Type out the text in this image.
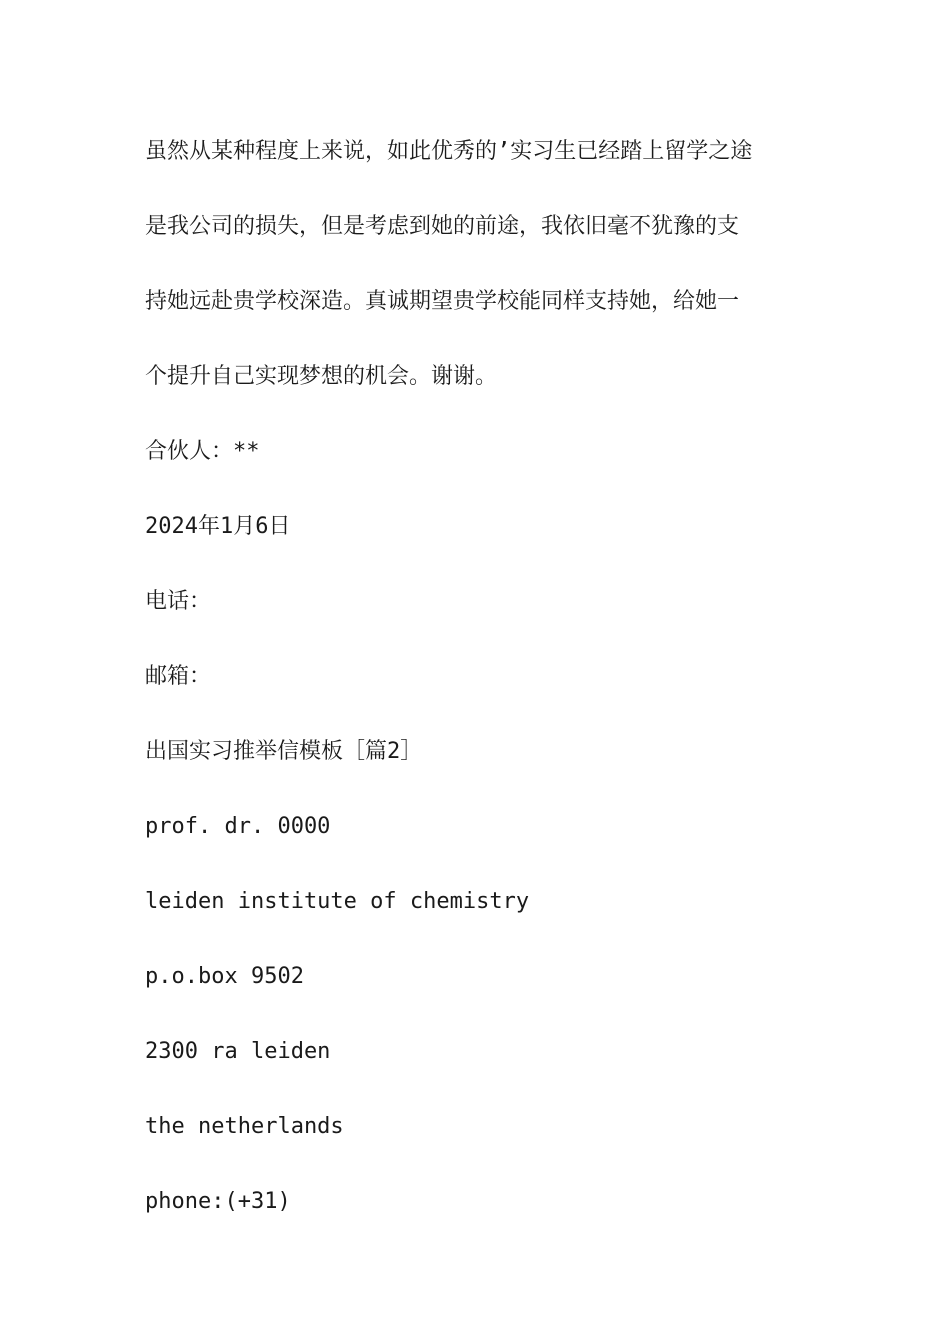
虽然从某种程度上来说，如此优秀的’实习生已经踏上留学之途
是我公司的损失，但是考虑到她的前途，我依旧毫不犹豫的支
持她远赴贵学校深造。真诚期望贵学校能同样支持她，给她一
个提升自己实现梦想的机会。谢谢。
合伙人：**
2024年1月6日
电话：
邮箱：
出国实习推举信模板［篇2］
prof. dr. 0000
leiden institute of chemistry
p.o.box 9502
2300 ra leiden
the netherlands
phone:(+31)
